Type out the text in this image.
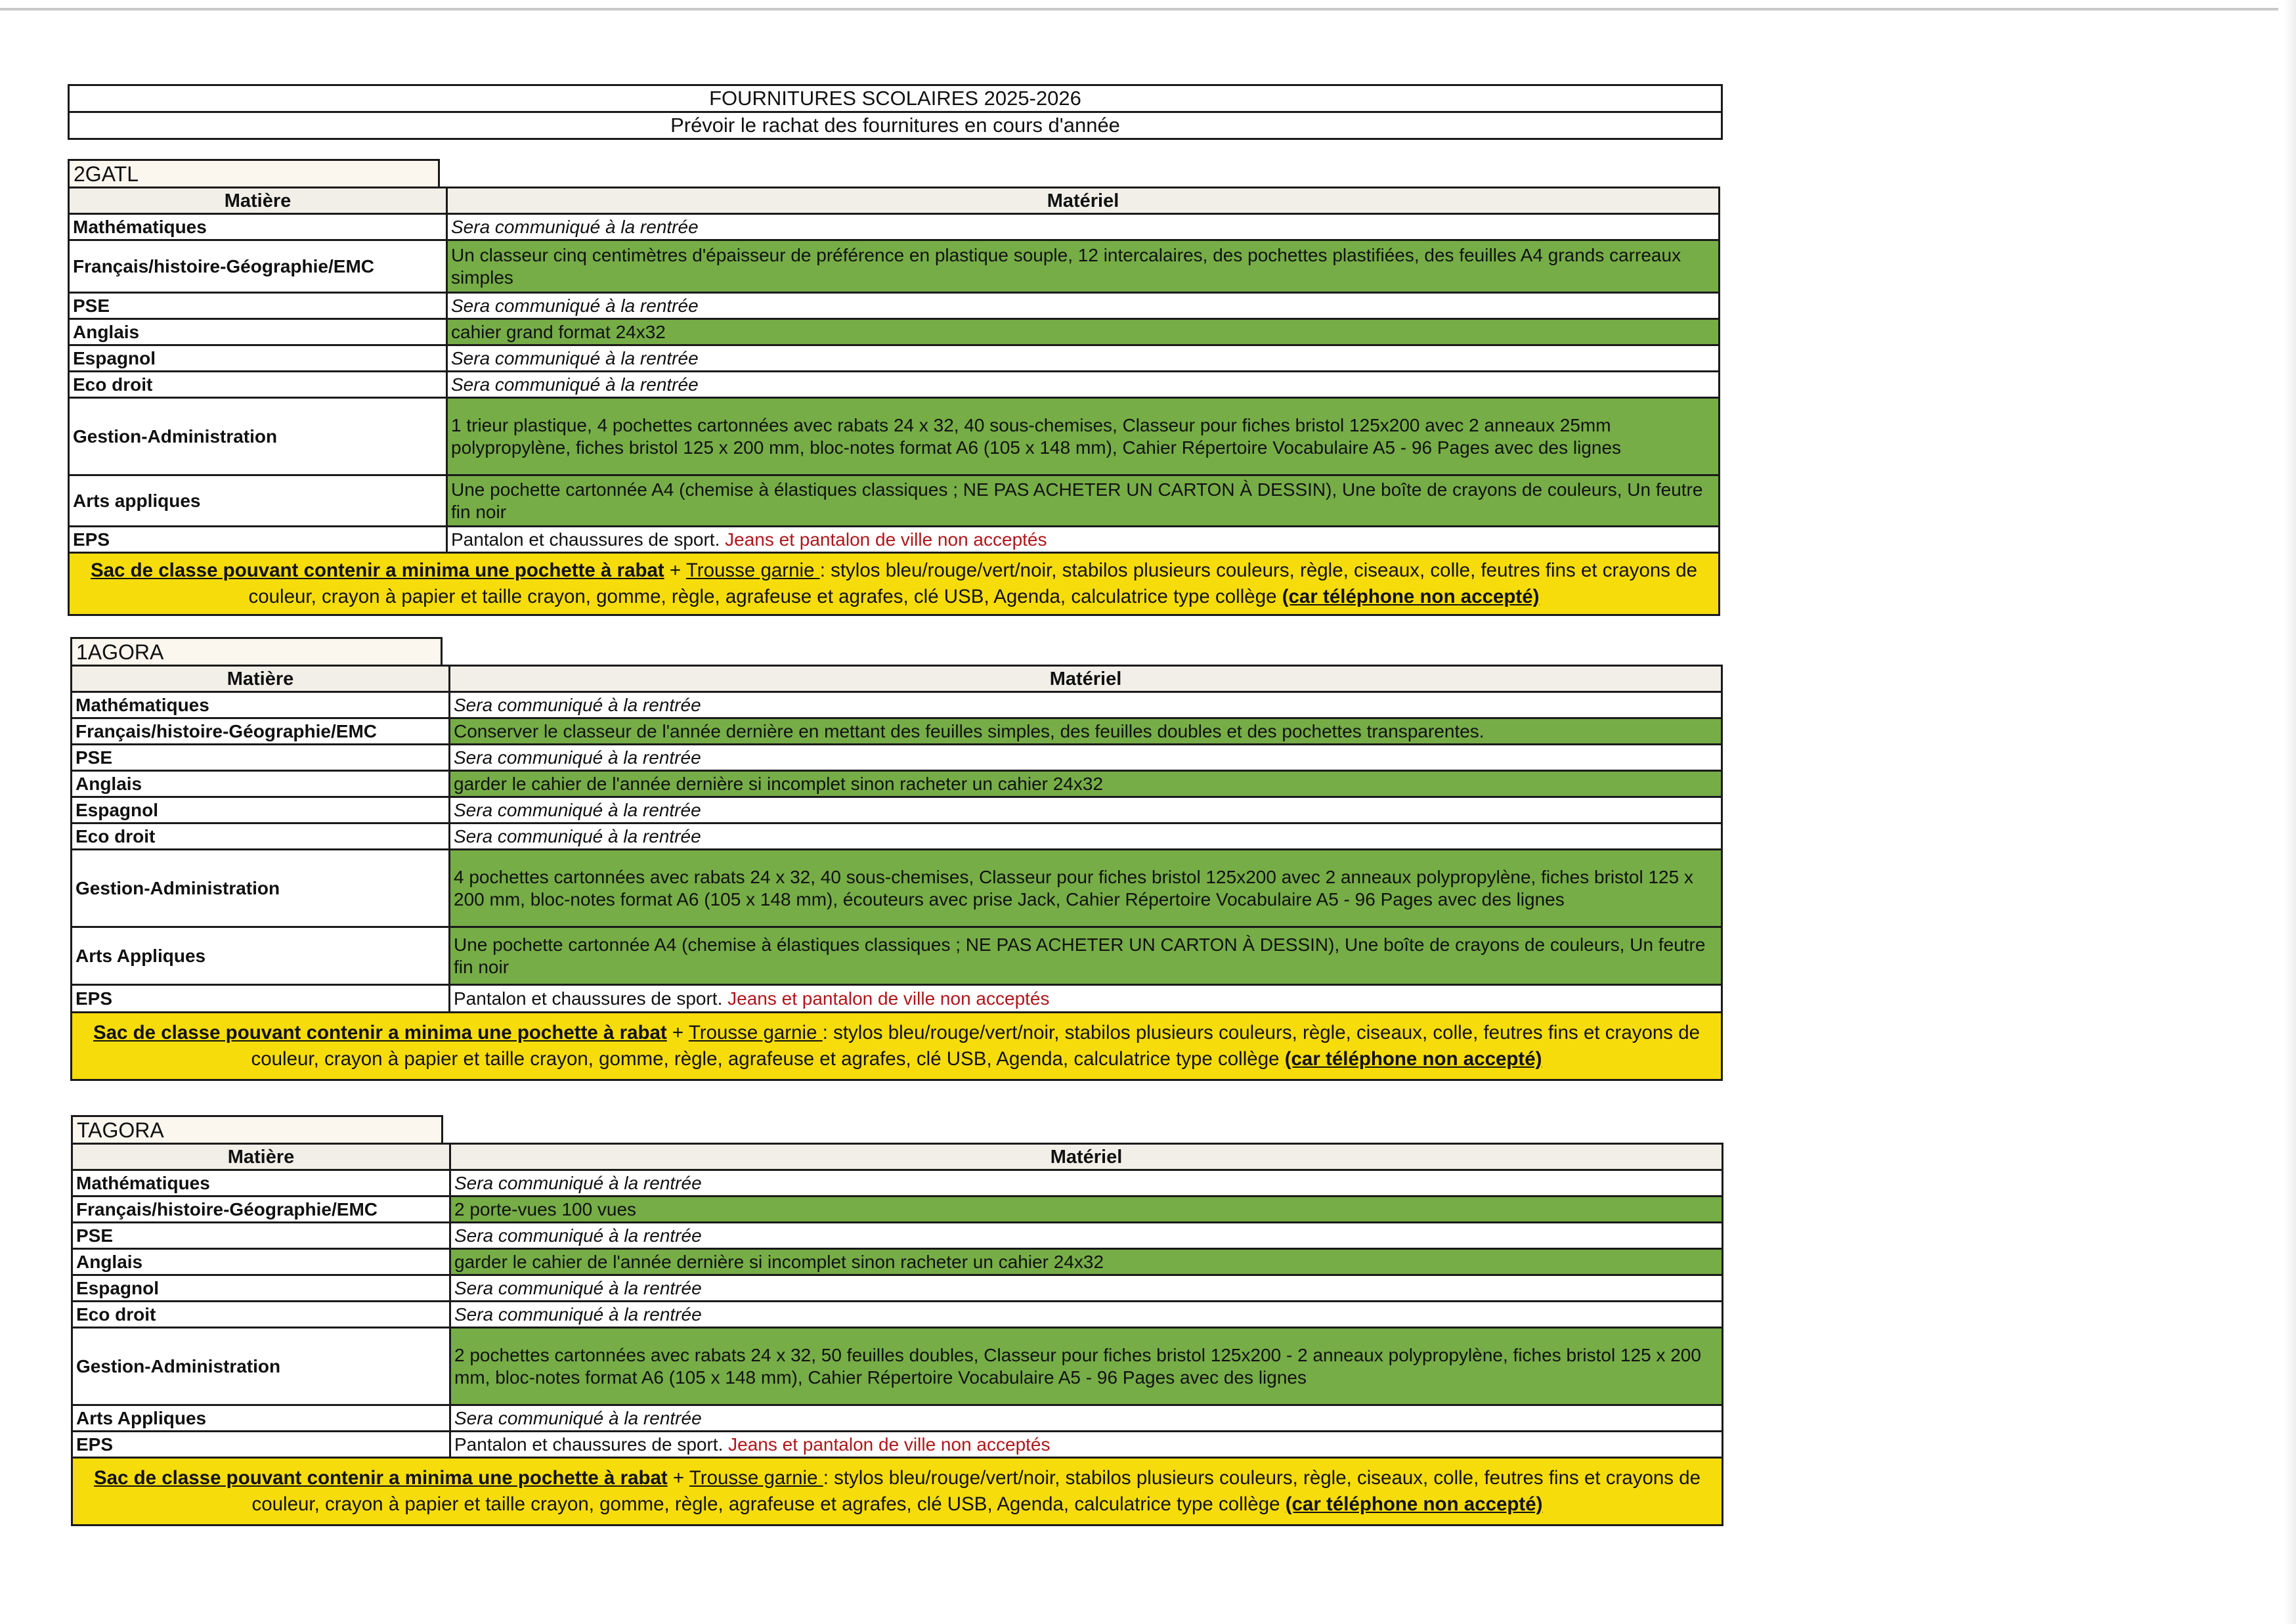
FOURNITURES SCOLAIRES 2025-2026
Prévoir le rachat des fournitures en cours d'année
2GATL
Matière	Matériel
Mathématiques	Sera communiqué à la rentrée
Français/histoire-Géographie/EMC	Un classeur cinq centimètres d'épaisseur de préférence en plastique souple, 12 intercalaires, des pochettes plastifiées, des feuilles A4 grands carreaux simples
PSE	Sera communiqué à la rentrée
Anglais	cahier grand format 24x32
Espagnol	Sera communiqué à la rentrée
Eco droit	Sera communiqué à la rentrée
Gestion-Administration	1 trieur plastique, 4 pochettes cartonnées avec rabats 24 x 32, 40 sous-chemises, Classeur pour fiches bristol 125x200 avec 2 anneaux 25mm polypropylène, fiches bristol 125 x 200 mm, bloc-notes format A6 (105 x 148 mm), Cahier Répertoire Vocabulaire A5 - 96 Pages avec des lignes
Arts appliques	Une pochette cartonnée A4 (chemise à élastiques classiques ; NE PAS ACHETER UN CARTON À DESSIN), Une boîte de crayons de couleurs, Un feutre fin noir
EPS	Pantalon et chaussures de sport. Jeans et pantalon de ville non acceptés
Sac de classe pouvant contenir a minima une pochette à rabat + Trousse garnie : stylos bleu/rouge/vert/noir, stabilos plusieurs couleurs, règle, ciseaux, colle, feutres fins et crayons de couleur, crayon à papier et taille crayon, gomme, règle, agrafeuse et agrafes, clé USB, Agenda, calculatrice type collège (car téléphone non accepté)
1AGORA
Matière	Matériel
Mathématiques	Sera communiqué à la rentrée
Français/histoire-Géographie/EMC	Conserver le classeur de l'année dernière en mettant des feuilles simples, des feuilles doubles et des pochettes transparentes.
PSE	Sera communiqué à la rentrée
Anglais	garder le cahier de l'année dernière si incomplet sinon racheter un cahier 24x32
Espagnol	Sera communiqué à la rentrée
Eco droit	Sera communiqué à la rentrée
Gestion-Administration	4 pochettes cartonnées avec rabats 24 x 32, 40 sous-chemises, Classeur pour fiches bristol 125x200 avec 2 anneaux polypropylène, fiches bristol 125 x 200 mm, bloc-notes format A6 (105 x 148 mm), écouteurs avec prise Jack, Cahier Répertoire Vocabulaire A5 - 96 Pages avec des lignes
Arts Appliques	Une pochette cartonnée A4 (chemise à élastiques classiques ; NE PAS ACHETER UN CARTON À DESSIN), Une boîte de crayons de couleurs, Un feutre fin noir
EPS	Pantalon et chaussures de sport. Jeans et pantalon de ville non acceptés
Sac de classe pouvant contenir a minima une pochette à rabat + Trousse garnie : stylos bleu/rouge/vert/noir, stabilos plusieurs couleurs, règle, ciseaux, colle, feutres fins et crayons de couleur, crayon à papier et taille crayon, gomme, règle, agrafeuse et agrafes, clé USB, Agenda, calculatrice type collège (car téléphone non accepté)
TAGORA
Matière	Matériel
Mathématiques	Sera communiqué à la rentrée
Français/histoire-Géographie/EMC	2 porte-vues 100 vues
PSE	Sera communiqué à la rentrée
Anglais	garder le cahier de l'année dernière si incomplet sinon racheter un cahier 24x32
Espagnol	Sera communiqué à la rentrée
Eco droit	Sera communiqué à la rentrée
Gestion-Administration	2 pochettes cartonnées avec rabats 24 x 32, 50 feuilles doubles, Classeur pour fiches bristol 125x200 - 2 anneaux polypropylène, fiches bristol 125 x 200 mm, bloc-notes format A6 (105 x 148 mm), Cahier Répertoire Vocabulaire A5 - 96 Pages avec des lignes
Arts Appliques	Sera communiqué à la rentrée
EPS	Pantalon et chaussures de sport. Jeans et pantalon de ville non acceptés
Sac de classe pouvant contenir a minima une pochette à rabat + Trousse garnie : stylos bleu/rouge/vert/noir, stabilos plusieurs couleurs, règle, ciseaux, colle, feutres fins et crayons de couleur, crayon à papier et taille crayon, gomme, règle, agrafeuse et agrafes, clé USB, Agenda, calculatrice type collège (car téléphone non accepté)
